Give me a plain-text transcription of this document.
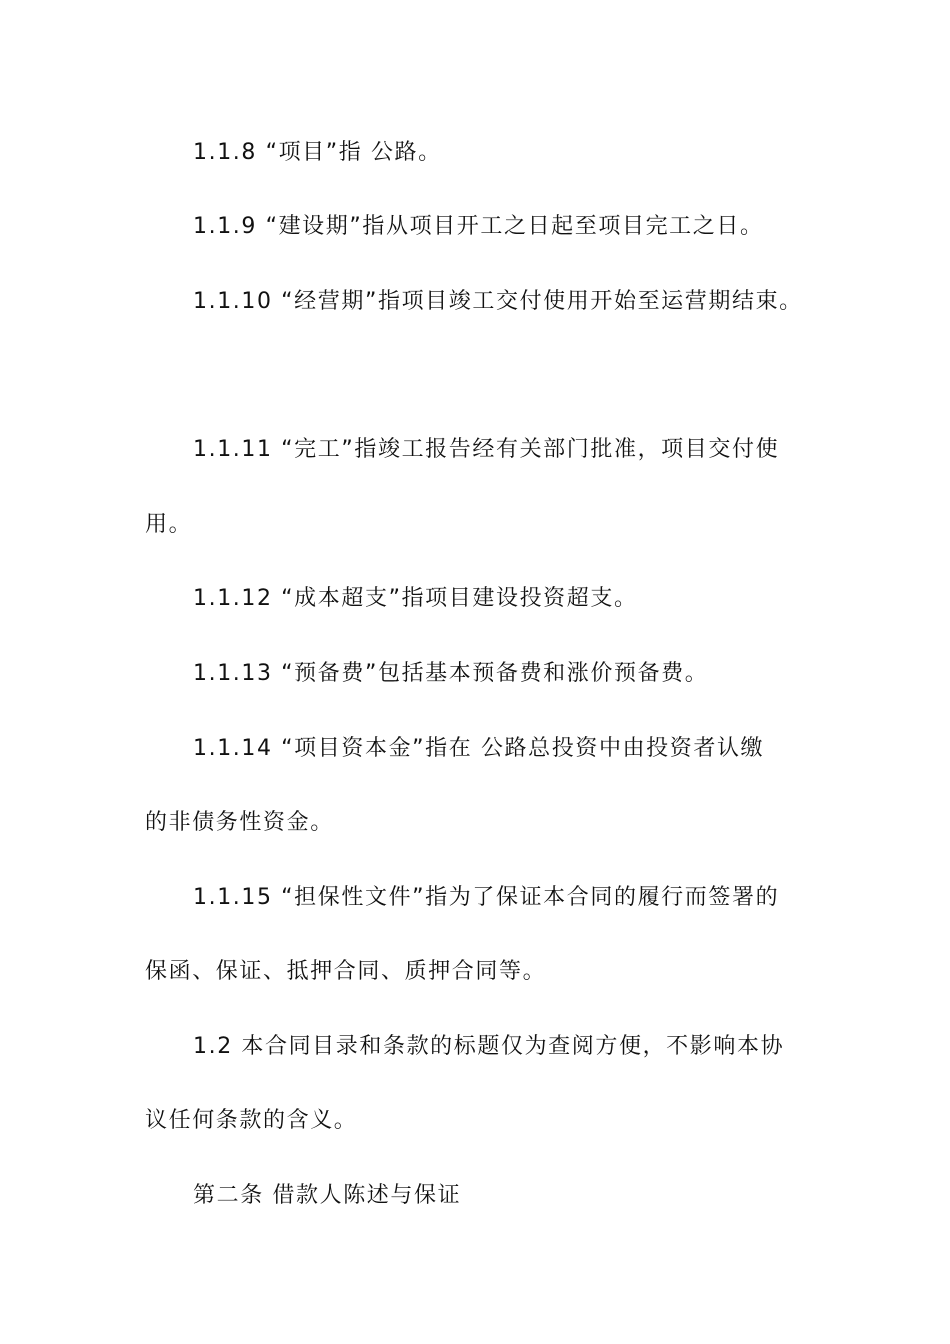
1.1.8 “项目”指 公路。
1.1.9 “建设期”指从项目开工之日起至项目完工之日。
1.1.10 “经营期”指项目竣工交付使用开始至运营期结束。
1.1.11 “完工”指竣工报告经有关部门批准，项目交付使
用。
1.1.12 “成本超支”指项目建设投资超支。
1.1.13 “预备费”包括基本预备费和涨价预备费。
1.1.14 “项目资本金”指在 公路总投资中由投资者认缴
的非债务性资金。
1.1.15 “担保性文件”指为了保证本合同的履行而签署的
保函、保证、抵押合同、质押合同等。
1.2 本合同目录和条款的标题仅为查阅方便，不影响本协
议任何条款的含义。
第二条 借款人陈述与保证
